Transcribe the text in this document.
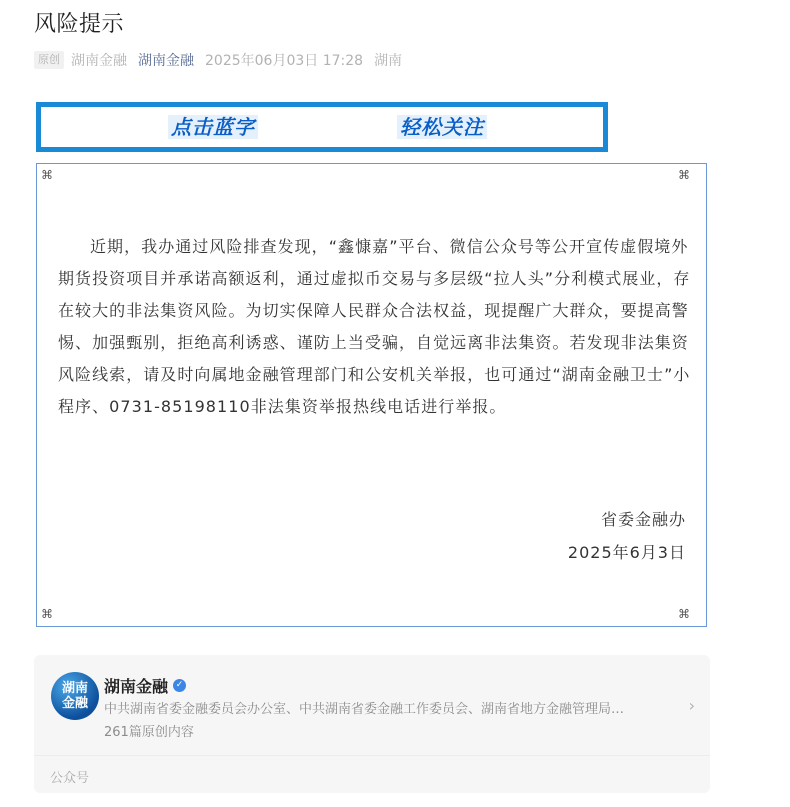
风险提示
原创 湖南金融 湖南金融 2025年06月03日 17:28 湖南
点击蓝字	轻松关注
⌘	⌘
⌘	⌘

近期，我办通过风险排查发现，“鑫慷嘉”平台、微信公众号等公开宣传虚假境外期货投资项目并承诺高额返利，通过虚拟币交易与多层级“拉人头”分利模式展业，存在较大的非法集资风险。为切实保障人民群众合法权益，现提醒广大群众，要提高警惕、加强甄别，拒绝高利诱惑、谨防上当受骗，自觉远离非法集资。若发现非法集资风险线索，请及时向属地金融管理部门和公安机关举报，也可通过“湖南金融卫士”小程序、0731-85198110非法集资举报热线电话进行举报。

省委金融办
2025年6月3日
湖南
金融
湖南金融 ✓
中共湖南省委金融委员会办公室、中共湖南省委金融工作委员会、湖南省地方金融管理局…
261篇原创内容
›
公众号
